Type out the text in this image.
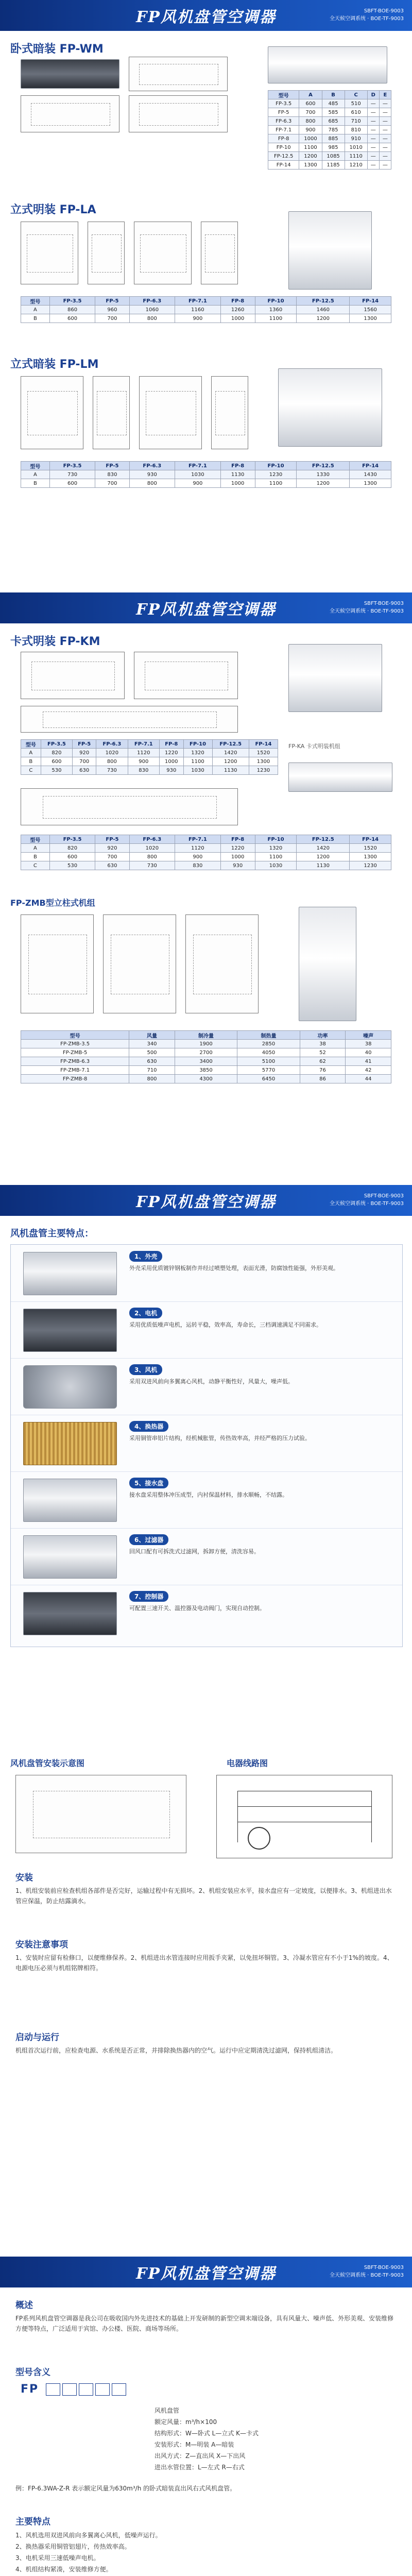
FP风机盘管空调器	SBFT-BOE-9003
全天候空调系统 · BOE-TF-9003
卧式暗装 FP-WM
型号	A	B	C	D	E
FP-3.5	600	485	510	—	—
FP-5	700	585	610	—	—
FP-6.3	800	685	710	—	—
FP-7.1	900	785	810	—	—
FP-8	1000	885	910	—	—
FP-10	1100	985	1010	—	—
FP-12.5	1200	1085	1110	—	—
FP-14	1300	1185	1210	—	—
立式明装 FP-LA
型号	FP-3.5	FP-5	FP-6.3	FP-7.1	FP-8	FP-10	FP-12.5	FP-14
A	860	960	1060	1160	1260	1360	1460	1560
B	600	700	800	900	1000	1100	1200	1300
立式暗装 FP-LM
型号	FP-3.5	FP-5	FP-6.3	FP-7.1	FP-8	FP-10	FP-12.5	FP-14
A	730	830	930	1030	1130	1230	1330	1430
B	600	700	800	900	1000	1100	1200	1300
FP风机盘管空调器	SBFT-BOE-9003
全天候空调系统 · BOE-TF-9003
卡式明装 FP-KM
型号	FP-3.5	FP-5	FP-6.3	FP-7.1	FP-8	FP-10	FP-12.5	FP-14
A	820	920	1020	1120	1220	1320	1420	1520
B	600	700	800	900	1000	1100	1200	1300
C	530	630	730	830	930	1030	1130	1230
FP-KA 卡式明装机组
型号	FP-3.5	FP-5	FP-6.3	FP-7.1	FP-8	FP-10	FP-12.5	FP-14
A	820	920	1020	1120	1220	1320	1420	1520
B	600	700	800	900	1000	1100	1200	1300
C	530	630	730	830	930	1030	1130	1230
FP-ZMB型立柱式机组
型号	风量	制冷量	制热量	功率	噪声
FP-ZMB-3.5	340	1900	2850	38	38
FP-ZMB-5	500	2700	4050	52	40
FP-ZMB-6.3	630	3400	5100	62	41
FP-ZMB-7.1	710	3850	5770	76	42
FP-ZMB-8	800	4300	6450	86	44
FP风机盘管空调器	SBFT-BOE-9003
全天候空调系统 · BOE-TF-9003
风机盘管主要特点：
1、外壳
外壳采用优质镀锌钢板制作并经过喷塑处理，表面光滑，防腐蚀性能强，外形美观。
2、电机
采用优质低噪声电机，运转平稳，效率高，寿命长，三档调速满足不同需求。
3、风机
采用双进风前向多翼离心风机，动静平衡性好，风量大，噪声低。
4、换热器
采用铜管串铝片结构，经机械胀管，传热效率高，并经严格的压力试验。
5、接水盘
接水盘采用整体冲压成型，内衬保温材料，排水顺畅，不结露。
6、过滤器
回风口配有可拆洗式过滤网，拆卸方便，清洗容易。
7、控制器
可配置三速开关、温控器及电动阀门，实现自动控制。
风机盘管安装示意图	电器线路图
安装
1、机组安装前应检查机组各部件是否完好，运输过程中有无损坏。2、机组安装应水平，接水盘应有一定坡度，以便排水。3、机组进出水管应保温，防止结露滴水。
安装注意事项
1、安装时应留有检修口，以便维修保养。2、机组进出水管连接时应用扳手夹紧，以免扭坏铜管。3、冷凝水管应有不小于1%的坡度。4、电源电压必须与机组铭牌相符。
启动与运行
机组首次运行前，应检查电源、水系统是否正常，并排除换热器内的空气。运行中应定期清洗过滤网，保持机组清洁。
FP风机盘管空调器	SBFT-BOE-9003
全天候空调系统 · BOE-TF-9003
概述
FP系列风机盘管空调器是我公司在吸收国内外先进技术的基础上开发研制的新型空调末端设备，具有风量大、噪声低、外形美观、安装维修方便等特点，广泛适用于宾馆、办公楼、医院、商场等场所。
型号含义
FP
风机盘管
额定风量：m³/h×100
结构形式：W—卧式 L—立式 K—卡式
安装形式：M—明装 A—暗装
出风方式：Z—直出风 X—下出风
进出水管位置：L—左式 R—右式
例：FP-6.3WA-Z-R 表示额定风量为630m³/h 的卧式暗装直出风右式风机盘管。
主要特点
1、风机选用双进风前向多翼离心风机，低噪声运行。
2、换热器采用铜管铝翅片，传热效率高。
3、电机采用三速低噪声电机。
4、机组结构紧凑，安装维修方便。
